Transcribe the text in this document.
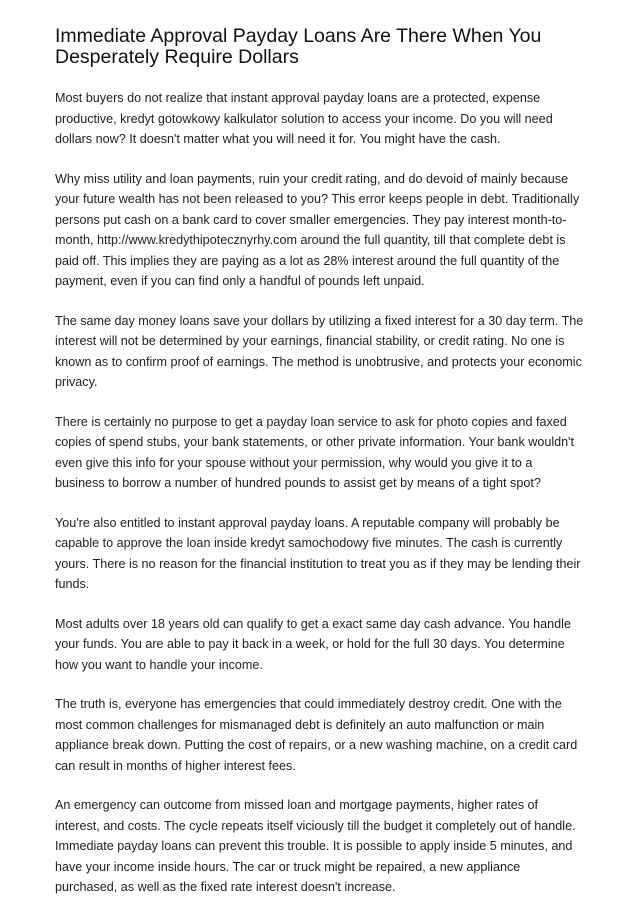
Immediate Approval Payday Loans Are There When You Desperately Require Dollars

Most buyers do not realize that instant approval payday loans are a protected, expense productive, kredyt gotowkowy kalkulator solution to access your income. Do you will need dollars now? It doesn't matter what you will need it for. You might have the cash.

Why miss utility and loan payments, ruin your credit rating, and do devoid of mainly because your future wealth has not been released to you? This error keeps people in debt. Traditionally persons put cash on a bank card to cover smaller emergencies. They pay interest month-to-month, http://www.kredythipotecznyrhy.com around the full quantity, till that complete debt is paid off. This implies they are paying as a lot as 28% interest around the full quantity of the payment, even if you can find only a handful of pounds left unpaid.

The same day money loans save your dollars by utilizing a fixed interest for a 30 day term. The interest will not be determined by your earnings, financial stability, or credit rating. No one is known as to confirm proof of earnings. The method is unobtrusive, and protects your economic privacy.

There is certainly no purpose to get a payday loan service to ask for photo copies and faxed copies of spend stubs, your bank statements, or other private information. Your bank wouldn't even give this info for your spouse without your permission, why would you give it to a business to borrow a number of hundred pounds to assist get by means of a tight spot?

You're also entitled to instant approval payday loans. A reputable company will probably be capable to approve the loan inside kredyt samochodowy five minutes. The cash is currently yours. There is no reason for the financial institution to treat you as if they may be lending their funds.

Most adults over 18 years old can qualify to get a exact same day cash advance. You handle your funds. You are able to pay it back in a week, or hold for the full 30 days. You determine how you want to handle your income.

The truth is, everyone has emergencies that could immediately destroy credit. One with the most common challenges for mismanaged debt is definitely an auto malfunction or main appliance break down. Putting the cost of repairs, or a new washing machine, on a credit card can result in months of higher interest fees.

An emergency can outcome from missed loan and mortgage payments, higher rates of interest, and costs. The cycle repeats itself viciously till the budget it completely out of handle. Immediate payday loans can prevent this trouble. It is possible to apply inside 5 minutes, and have your income inside hours. The car or truck might be repaired, a new appliance purchased, as well as the fixed rate interest doesn't increase.
